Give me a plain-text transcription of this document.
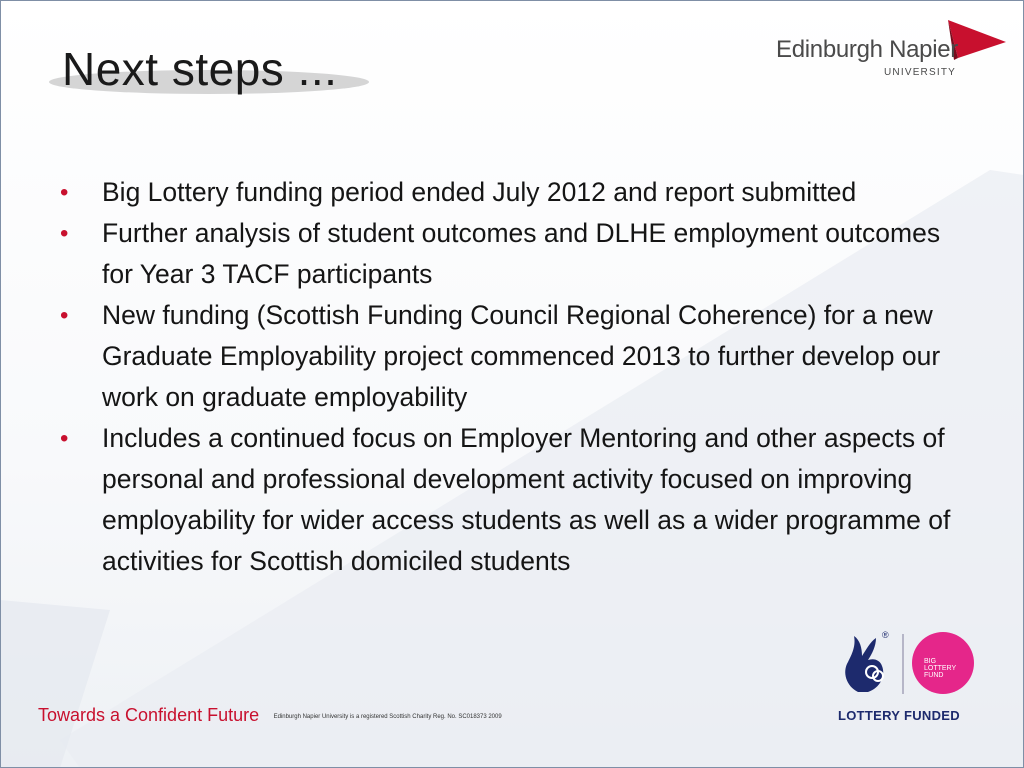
Next steps ...	Edinburgh Napier
UNIVERSITY
• Big Lottery funding period ended July 2012 and report submitted
• Further analysis of student outcomes and DLHE employment outcomes for Year 3 TACF participants
• New funding (Scottish Funding Council Regional Coherence) for a new Graduate Employability project commenced 2013 to further develop our work on graduate employability
• Includes a continued focus on Employer Mentoring and other aspects of personal and professional development activity focused on improving employability for wider access students as well as a wider programme of activities for Scottish domiciled students
Towards a Confident Future Edinburgh Napier University is a registered Scottish Charity Reg. No. SC018373 2009
®
BIG
LOTTERY
FUND
LOTTERY FUNDED
